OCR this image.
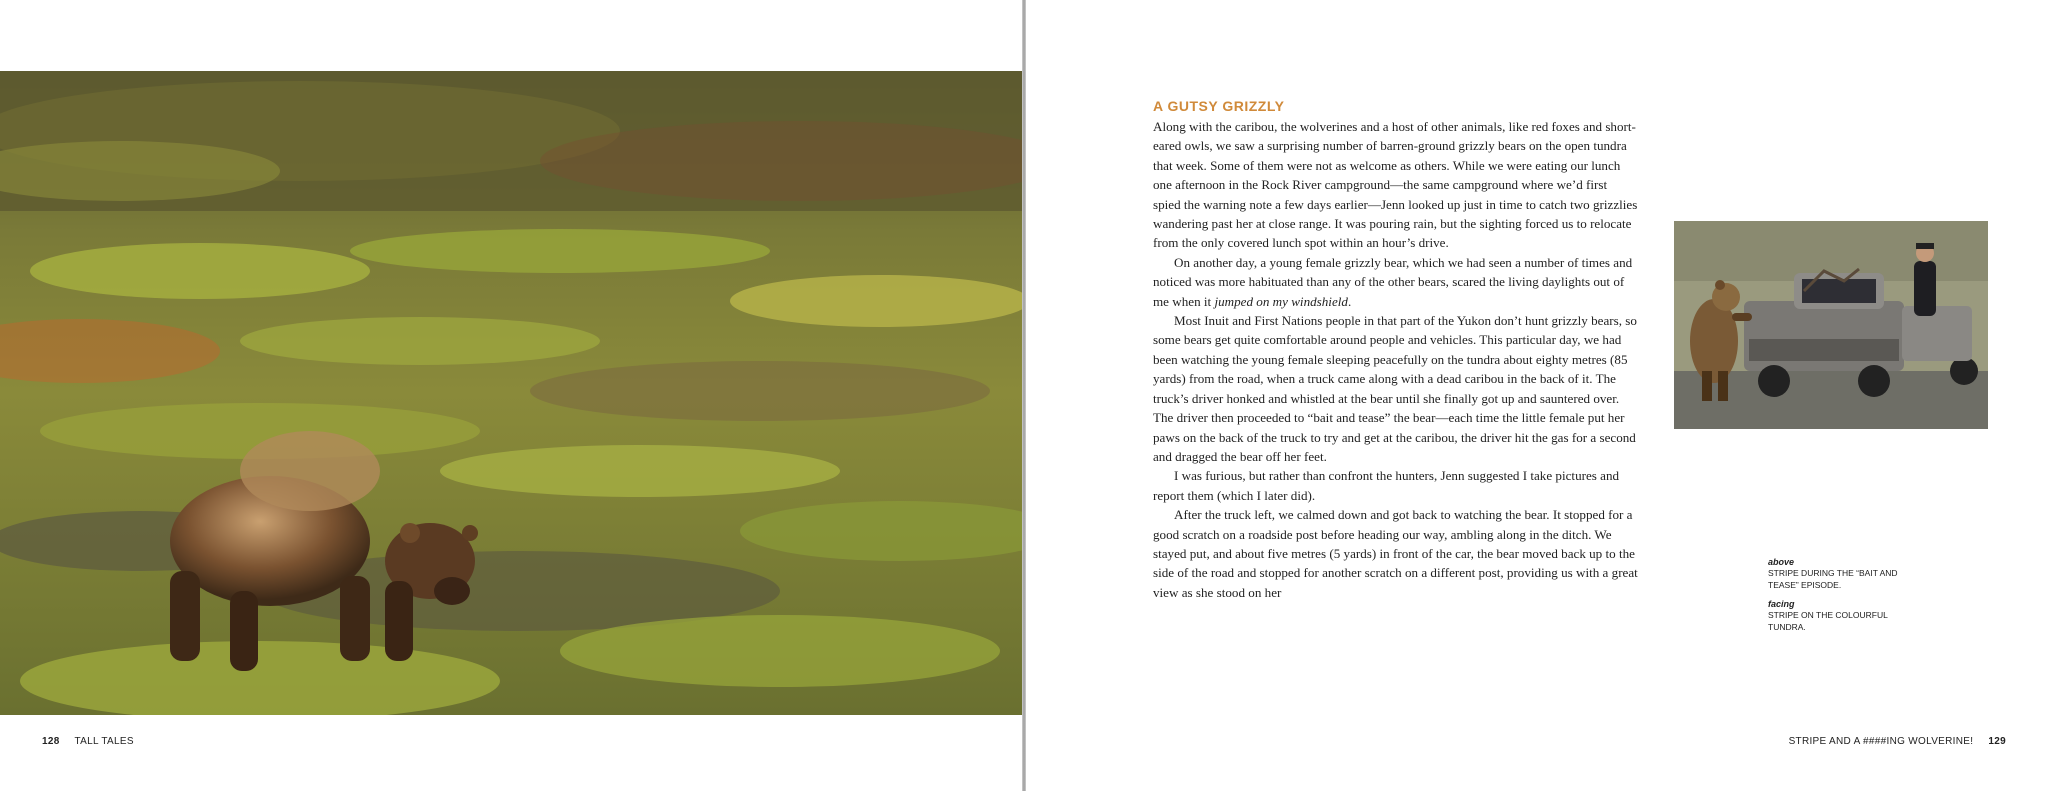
128 TALL TALES
A GUTSY GRIZZLY

Along with the caribou, the wolverines and a host of other animals, like red foxes and short-eared owls, we saw a surprising number of barren-ground grizzly bears on the open tundra that week. Some of them were not as welcome as others. While we were eating our lunch one afternoon in the Rock River campground—the same campground where we’d first spied the warning note a few days earlier—Jenn looked up just in time to catch two grizzlies wandering past her at close range. It was pouring rain, but the sighting forced us to relocate from the only covered lunch spot within an hour’s drive.

On another day, a young female grizzly bear, which we had seen a number of times and noticed was more habituated than any of the other bears, scared the living daylights out of me when it jumped on my windshield.

Most Inuit and First Nations people in that part of the Yukon don’t hunt grizzly bears, so some bears get quite comfortable around people and vehicles. This particular day, we had been watching the young female sleeping peacefully on the tundra about eighty metres (85 yards) from the road, when a truck came along with a dead caribou in the back of it. The truck’s driver honked and whistled at the bear until she finally got up and sauntered over. The driver then proceeded to “bait and tease” the bear—each time the little female put her paws on the back of the truck to try and get at the caribou, the driver hit the gas for a second and dragged the bear off her feet.

I was furious, but rather than confront the hunters, Jenn suggested I take pictures and report them (which I later did).

After the truck left, we calmed down and got back to watching the bear. It stopped for a good scratch on a roadside post before heading our way, ambling along in the ditch. We stayed put, and about five metres (5 yards) in front of the car, the bear moved back up to the side of the road and stopped for another scratch on a different post, providing us with a great view as she stood on her

above

STRIPE DURING THE “BAIT AND TEASE” EPISODE.

facing

STRIPE ON THE COLOURFUL TUNDRA.

STRIPE AND A ####ING WOLVERINE! 129
